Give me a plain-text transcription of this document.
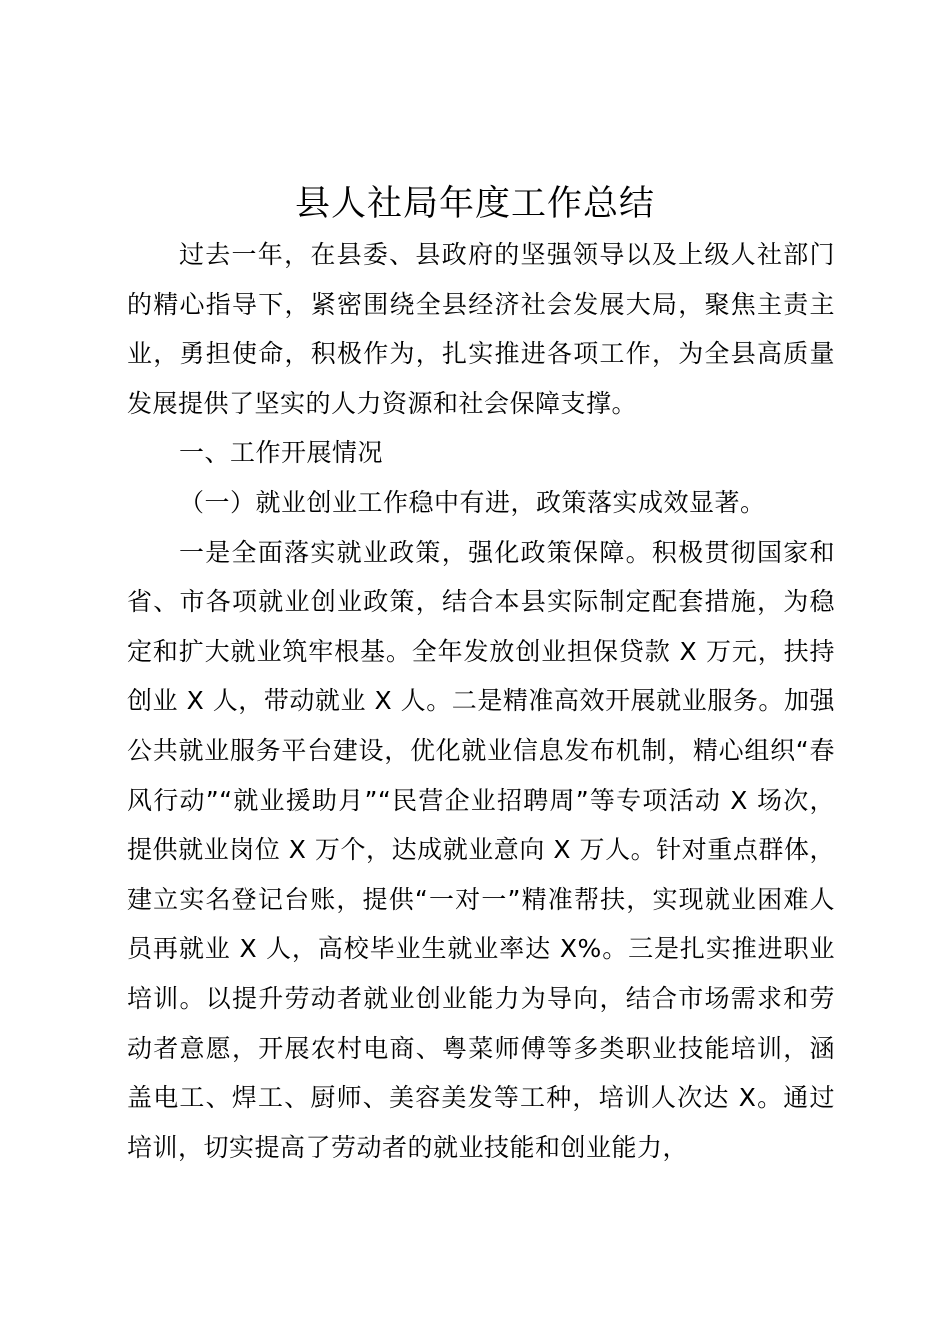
县人社局年度工作总结

过去一年，在县委、县政府的坚强领导以及上级人社部门的精心指导下，紧密围绕全县经济社会发展大局，聚焦主责主业，勇担使命，积极作为，扎实推进各项工作，为全县高质量发展提供了坚实的人力资源和社会保障支撑。

一、工作开展情况

（一）就业创业工作稳中有进，政策落实成效显著。

一是全面落实就业政策，强化政策保障。积极贯彻国家和省、市各项就业创业政策，结合本县实际制定配套措施，为稳定和扩大就业筑牢根基。全年发放创业担保贷款 X 万元，扶持创业 X 人，带动就业 X 人。二是精准高效开展就业服务。加强公共就业服务平台建设，优化就业信息发布机制，精心组织“春风行动”“就业援助月”“民营企业招聘周”等专项活动 X 场次，提供就业岗位 X 万个，达成就业意向 X 万人。针对重点群体，建立实名登记台账，提供“一对一”精准帮扶，实现就业困难人员再就业 X 人，高校毕业生就业率达 X%。三是扎实推进职业培训。以提升劳动者就业创业能力为导向，结合市场需求和劳动者意愿，开展农村电商、粤菜师傅等多类职业技能培训，涵盖电工、焊工、厨师、美容美发等工种，培训人次达 X。通过培训，切实提高了劳动者的就业技能和创业能力，
